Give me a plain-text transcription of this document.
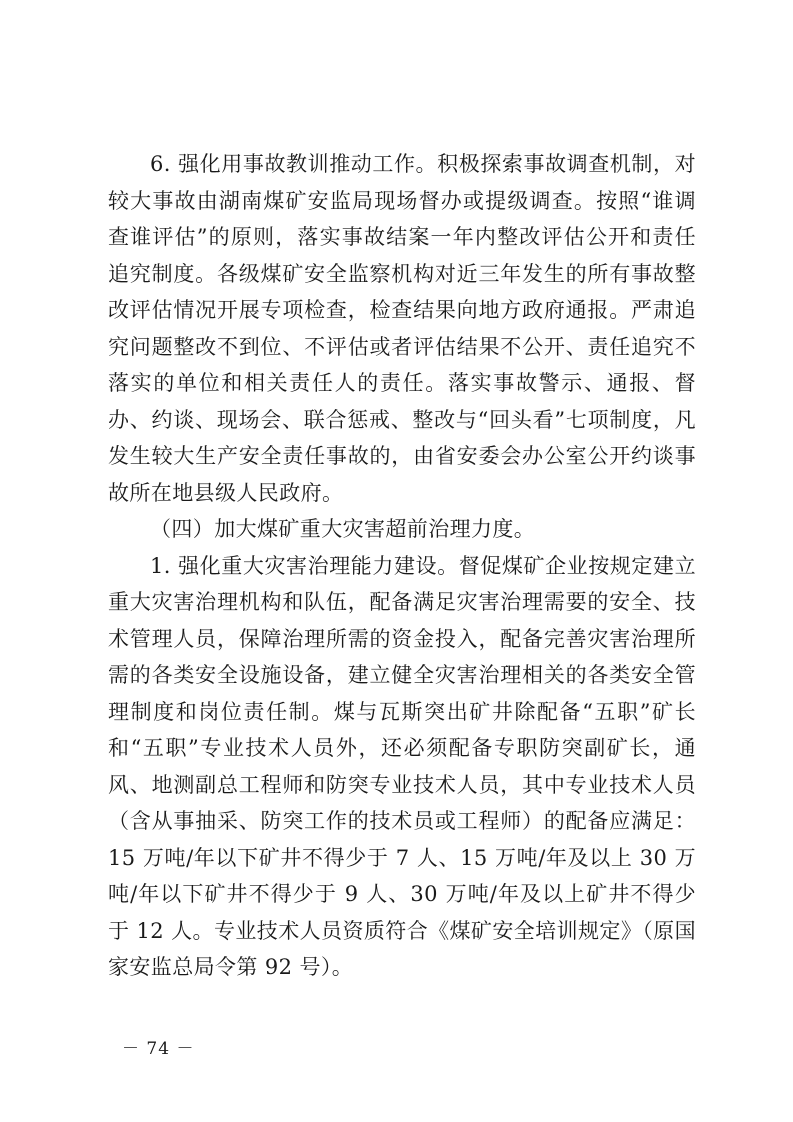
6. 强化用事故教训推动工作。积极探索事故调查机制，对较大事故由湖南煤矿安监局现场督办或提级调查。按照“谁调查谁评估”的原则，落实事故结案一年内整改评估公开和责任追究制度。各级煤矿安全监察机构对近三年发生的所有事故整改评估情况开展专项检查，检查结果向地方政府通报。严肃追究问题整改不到位、不评估或者评估结果不公开、责任追究不落实的单位和相关责任人的责任。落实事故警示、通报、督办、约谈、现场会、联合惩戒、整改与“回头看”七项制度，凡发生较大生产安全责任事故的，由省安委会办公室公开约谈事故所在地县级人民政府。

（四）加大煤矿重大灾害超前治理力度。

1. 强化重大灾害治理能力建设。督促煤矿企业按规定建立重大灾害治理机构和队伍，配备满足灾害治理需要的安全、技术管理人员，保障治理所需的资金投入，配备完善灾害治理所需的各类安全设施设备，建立健全灾害治理相关的各类安全管理制度和岗位责任制。煤与瓦斯突出矿井除配备“五职”矿长和“五职”专业技术人员外，还必须配备专职防突副矿长，通风、地测副总工程师和防突专业技术人员，其中专业技术人员（含从事抽采、防突工作的技术员或工程师）的配备应满足：15 万吨/年以下矿井不得少于 7 人、15 万吨/年及以上 30 万吨/年以下矿井不得少于 9 人、30 万吨/年及以上矿井不得少于 12 人。专业技术人员资质符合《煤矿安全培训规定》（原国家安监总局令第 92 号）。

－ 74 －
